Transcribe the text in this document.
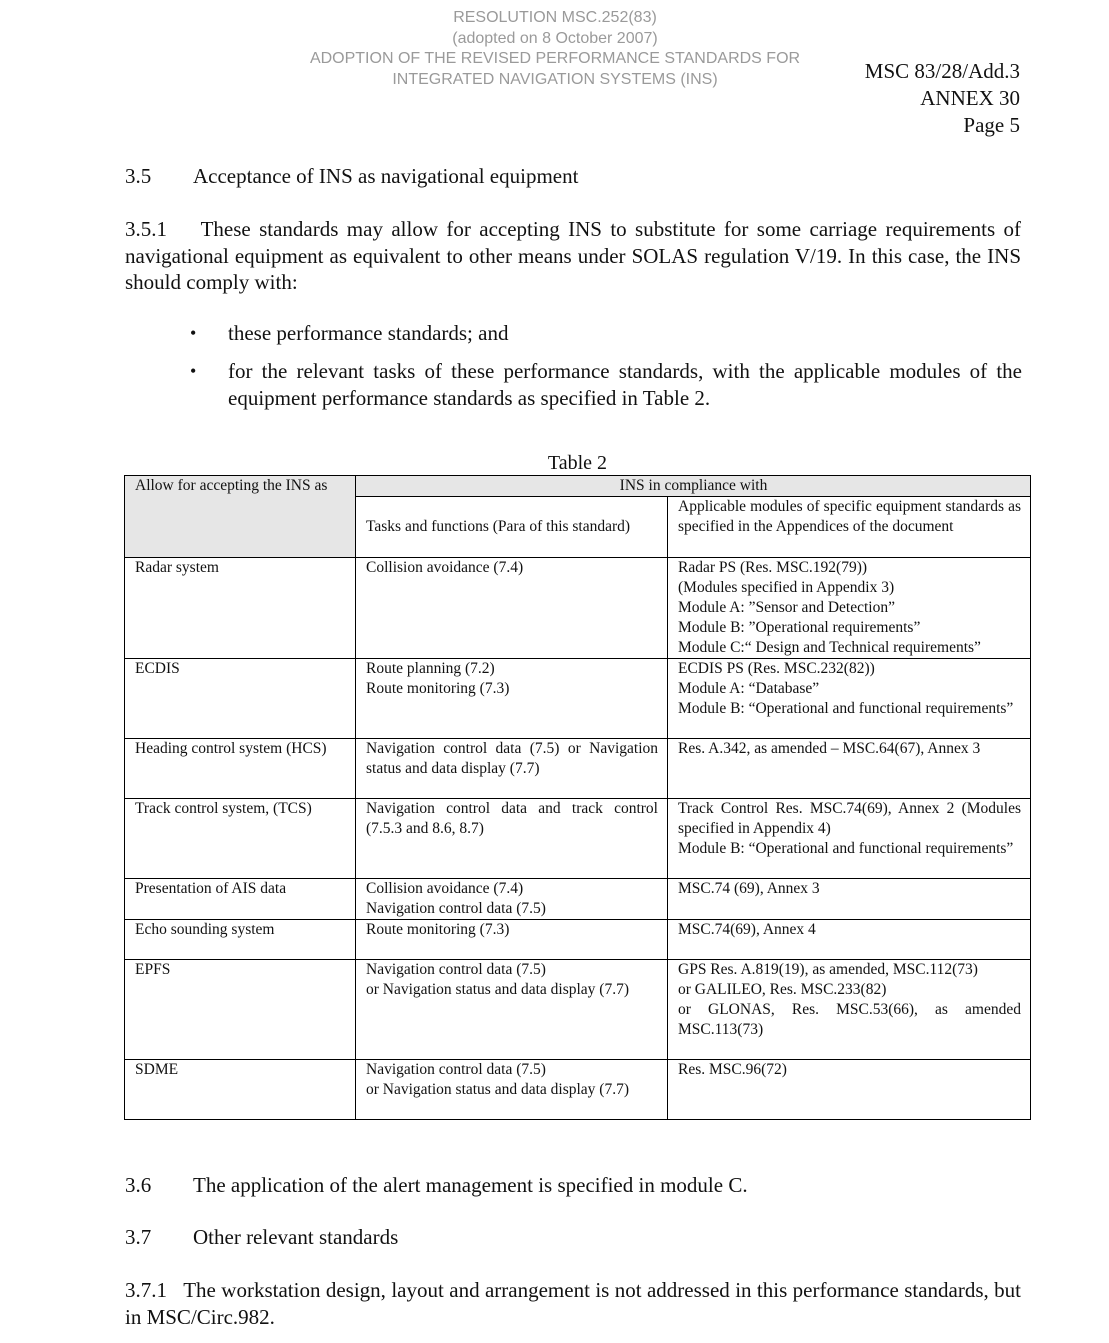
RESOLUTION MSC.252(83)
(adopted on 8 October 2007)
ADOPTION OF THE REVISED PERFORMANCE STANDARDS FOR
INTEGRATED NAVIGATION SYSTEMS (INS)	MSC 83/28/Add.3
ANNEX 30
Page 5
3.5 Acceptance of INS as navigational equipment
3.5.1 These standards may allow for accepting INS to substitute for some carriage requirements of navigational equipment as equivalent to other means under SOLAS regulation V/19. In this case, the INS should comply with:
•	these performance standards; and
•	for the relevant tasks of these performance standards, with the applicable modules of the equipment performance standards as specified in Table 2.
Table 2
Allow for accepting the INS as	INS in compliance with	
	Tasks and functions (Para of this standard)	Applicable modules of specific equipment standards as specified in the Appendices of the document
Radar system	Collision avoidance (7.4)	Radar PS (Res. MSC.192(79))
(Modules specified in Appendix 3)
Module A: ”Sensor and Detection”
Module B: ”Operational requirements”
Module C:“ Design and Technical requirements”

ECDIS	Route planning (7.2)
Route monitoring (7.3)	ECDIS PS (Res. MSC.232(82))
Module A: “Database”
Module B: “Operational and functional requirements”

Heading control system (HCS)	Navigation control data (7.5) or Navigation status and data display (7.7)	Res. A.342, as amended – MSC.64(67), Annex 3

Track control system, (TCS)	Navigation control data and track control (7.5.3 and 8.6, 8.7)	Track Control Res. MSC.74(69), Annex 2 (Modules specified in Appendix 4)
Module B: “Operational and functional requirements”

Presentation of AIS data	Collision avoidance (7.4)
Navigation control data (7.5)	MSC.74 (69), Annex 3

Echo sounding system	Route monitoring (7.3)	MSC.74(69), Annex 4

EPFS	Navigation control data (7.5)
or Navigation status and data display (7.7)	GPS Res. A.819(19), as amended, MSC.112(73)
or GALILEO, Res. MSC.233(82)
or GLONAS, Res. MSC.53(66), as amended MSC.113(73)

SDME	Navigation control data (7.5)
or Navigation status and data display (7.7)	Res. MSC.96(72)
3.6 The application of the alert management is specified in module C.
3.7 Other relevant standards
3.7.1 The workstation design, layout and arrangement is not addressed in this performance standards, but in MSC/Circ.982.
